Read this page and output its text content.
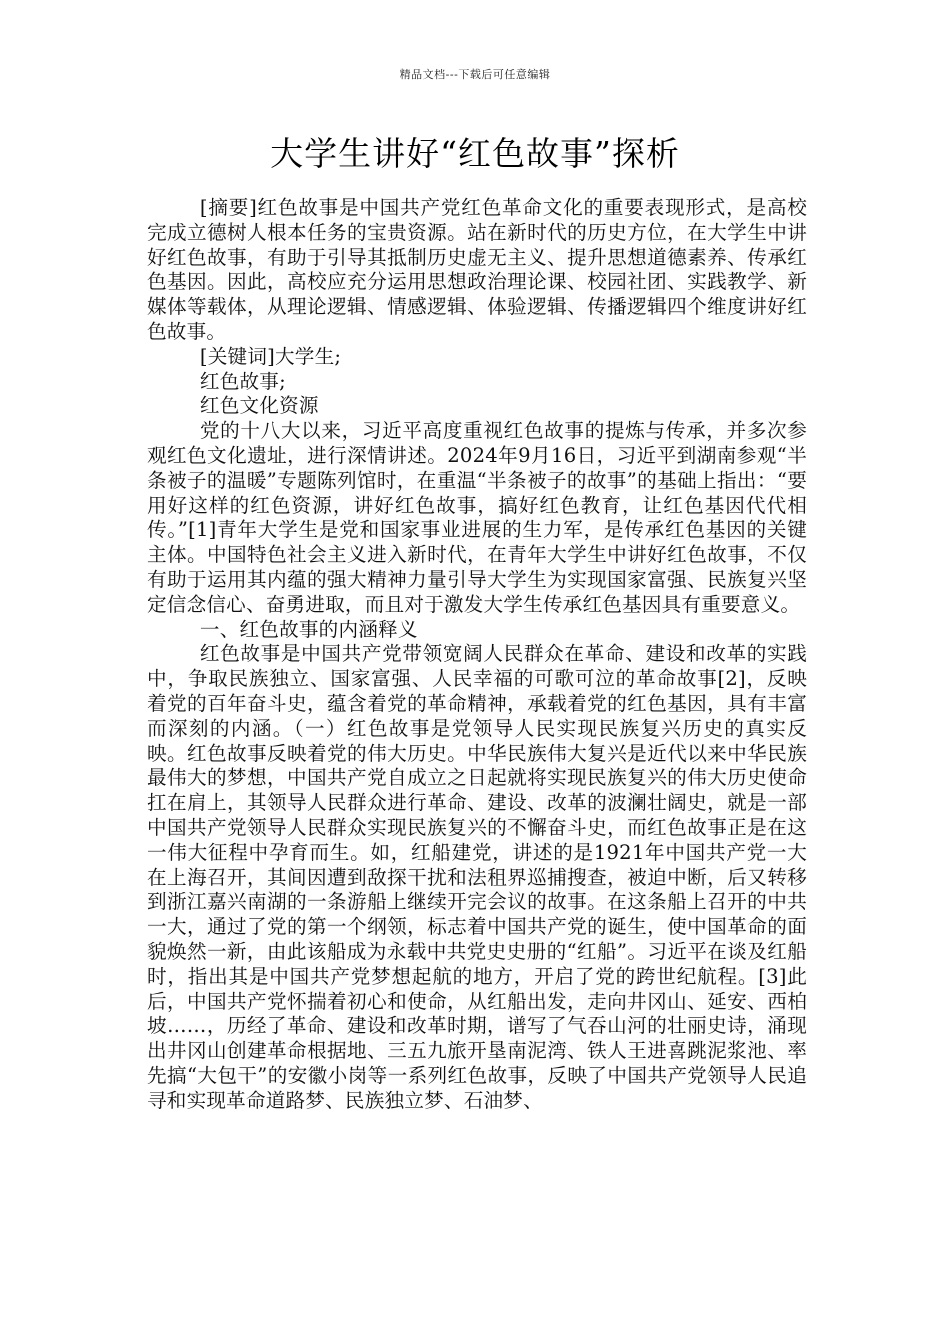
精品文档---下载后可任意编辑
大学生讲好“红色故事”探析

[摘要]红色故事是中国共产党红色革命文化的重要表现形式，是高校完成立德树人根本任务的宝贵资源。站在新时代的历史方位，在大学生中讲好红色故事，有助于引导其抵制历史虚无主义、提升思想道德素养、传承红色基因。因此，高校应充分运用思想政治理论课、校园社团、实践教学、新媒体等载体，从理论逻辑、情感逻辑、体验逻辑、传播逻辑四个维度讲好红色故事。

[关键词]大学生;

红色故事;

红色文化资源

党的十八大以来，习近平高度重视红色故事的提炼与传承，并多次参观红色文化遗址，进行深情讲述。2024年9月16日，习近平到湖南参观“半条被子的温暖”专题陈列馆时，在重温“半条被子的故事”的基础上指出：“要用好这样的红色资源，讲好红色故事，搞好红色教育，让红色基因代代相传。”[1]青年大学生是党和国家事业进展的生力军，是传承红色基因的关键主体。中国特色社会主义进入新时代，在青年大学生中讲好红色故事，不仅有助于运用其内蕴的强大精神力量引导大学生为实现国家富强、民族复兴坚定信念信心、奋勇进取，而且对于激发大学生传承红色基因具有重要意义。

一、红色故事的内涵释义

红色故事是中国共产党带领宽阔人民群众在革命、建设和改革的实践中，争取民族独立、国家富强、人民幸福的可歌可泣的革命故事[2]，反映着党的百年奋斗史，蕴含着党的革命精神，承载着党的红色基因，具有丰富而深刻的内涵。（一）红色故事是党领导人民实现民族复兴历史的真实反映。红色故事反映着党的伟大历史。中华民族伟大复兴是近代以来中华民族最伟大的梦想，中国共产党自成立之日起就将实现民族复兴的伟大历史使命扛在肩上，其领导人民群众进行革命、建设、改革的波澜壮阔史，就是一部中国共产党领导人民群众实现民族复兴的不懈奋斗史，而红色故事正是在这一伟大征程中孕育而生。如，红船建党，讲述的是1921年中国共产党一大在上海召开，其间因遭到敌探干扰和法租界巡捕搜查，被迫中断，后又转移到浙江嘉兴南湖的一条游船上继续开完会议的故事。在这条船上召开的中共一大，通过了党的第一个纲领，标志着中国共产党的诞生，使中国革命的面貌焕然一新，由此该船成为永载中共党史史册的“红船”。习近平在谈及红船时，指出其是中国共产党梦想起航的地方，开启了党的跨世纪航程。[3]此后，中国共产党怀揣着初心和使命，从红船出发，走向井冈山、延安、西柏坡……，历经了革命、建设和改革时期，谱写了气吞山河的壮丽史诗，涌现出井冈山创建革命根据地、三五九旅开垦南泥湾、铁人王进喜跳泥浆池、率先搞“大包干”的安徽小岗等一系列红色故事，反映了中国共产党领导人民追寻和实现革命道路梦、民族独立梦、石油梦、
